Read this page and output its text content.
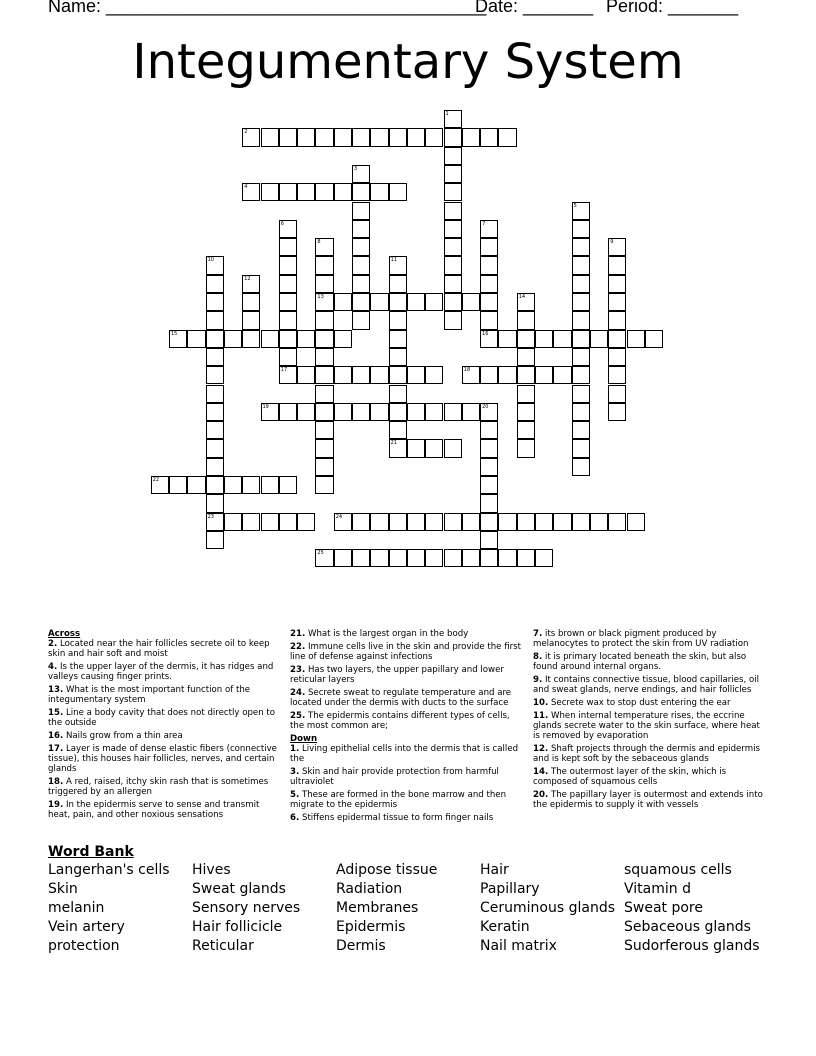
Name: ______________________________________
Date: _______ Period: _______
Integumentary System
1
2
3
4
5
6
17
7
8
13
9
10
23
11
21
12
14
15	16
18
19	20
22
24
25
Across
2. Located near the hair follicles secrete oil to keep skin and hair soft and moist
4. Is the upper layer of the dermis, it has ridges and valleys causing finger prints.
13. What is the most important function of the integumentary system
15. Line a body cavity that does not directly open to the outside
16. Nails grow from a thin area
17. Layer is made of dense elastic fibers (connective tissue), this houses hair follicles, nerves, and certain glands
18. A red, raised, itchy skin rash that is sometimes triggered by an allergen
19. In the epidermis serve to sense and transmit heat, pain, and other noxious sensations
21. What is the largest organ in the body
22. Immune cells live in the skin and provide the first line of defense against infections
23. Has two layers, the upper papillary and lower reticular layers
24. Secrete sweat to regulate temperature and are located under the dermis with ducts to the surface
25. The epidermis contains different types of cells, the most common are;
Down
1. Living epithelial cells into the dermis that is called the
3. Skin and hair provide protection from harmful ultraviolet
5. These are formed in the bone marrow and then migrate to the epidermis
6. Stiffens epidermal tissue to form finger nails
7. its brown or black pigment produced by melanocytes to protect the skin from UV radiation
8. it is primary located beneath the skin, but also found around internal organs.
9. It contains connective tissue, blood capillaries, oil and sweat glands, nerve endings, and hair follicles
10. Secrete wax to stop dust entering the ear
11. When internal temperature rises, the eccrine glands secrete water to the skin surface, where heat is removed by evaporation
12. Shaft projects through the dermis and epidermis and is kept soft by the sebaceous glands
14. The outermost layer of the skin, which is composed of squamous cells
20. The papillary layer is outermost and extends into the epidermis to supply it with vessels
Word Bank
Langerhan's cells
Skin
melanin
Vein artery
protection
Hives
Sweat glands
Sensory nerves
Hair follicicle
Reticular
Adipose tissue
Radiation
Membranes
Epidermis
Dermis
Hair
Papillary
Ceruminous glands
Keratin
Nail matrix
squamous cells
Vitamin d
Sweat pore
Sebaceous glands
Sudorferous glands
